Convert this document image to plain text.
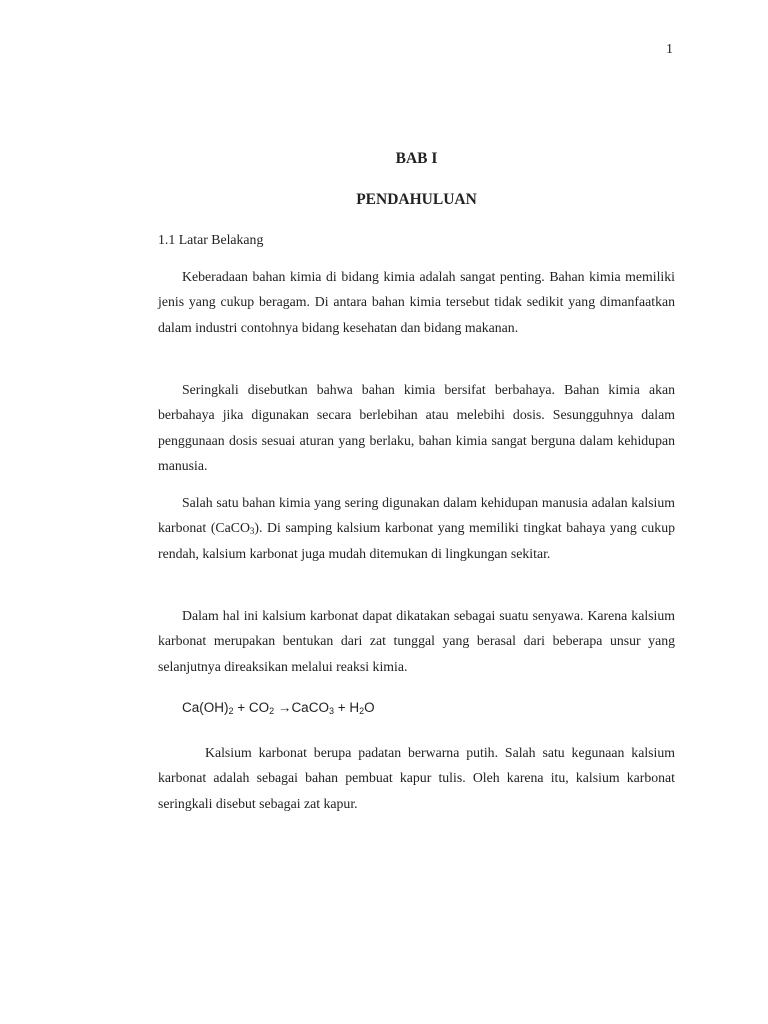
1
BAB I
PENDAHULUAN
1.1 Latar Belakang

Keberadaan bahan kimia di bidang kimia adalah sangat penting. Bahan kimia memiliki jenis yang cukup beragam. Di antara bahan kimia tersebut tidak sedikit yang dimanfaatkan dalam industri contohnya bidang kesehatan dan bidang makanan.

Seringkali disebutkan bahwa bahan kimia bersifat berbahaya. Bahan kimia akan berbahaya jika digunakan secara berlebihan atau melebihi dosis. Sesungguhnya dalam penggunaan dosis sesuai aturan yang berlaku, bahan kimia sangat berguna dalam kehidupan manusia.

Salah satu bahan kimia yang sering digunakan dalam kehidupan manusia adalan kalsium karbonat (CaCO$_3$). Di samping kalsium karbonat yang memiliki tingkat bahaya yang cukup rendah, kalsium karbonat juga mudah ditemukan di lingkungan sekitar.

Dalam hal ini kalsium karbonat dapat dikatakan sebagai suatu senyawa. Karena kalsium karbonat merupakan bentukan dari zat tunggal yang berasal dari beberapa unsur yang selanjutnya direaksikan melalui reaksi kimia.

$Ca(OH)_2 + CO_2$ →CaCO$_3$ + $H_2O$

Kalsium karbonat berupa padatan berwarna putih. Salah satu kegunaan kalsium karbonat adalah sebagai bahan pembuat kapur tulis. Oleh karena itu, kalsium karbonat seringkali disebut sebagai zat kapur.
